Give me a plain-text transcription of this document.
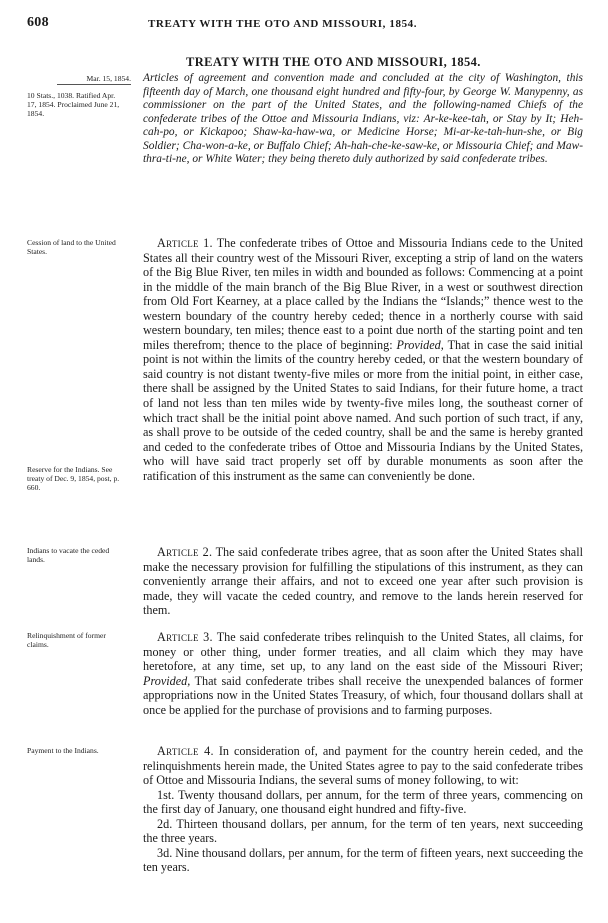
608	TREATY WITH THE OTO AND MISSOURI, 1854.
TREATY WITH THE OTO AND MISSOURI, 1854.
Mar. 15, 1854.
10 Stats., 1038. Ratified Apr. 17, 1854. Proclaimed June 21, 1854.
Cession of land to the United States.
Reserve for the Indians. See treaty of Dec. 9, 1854, post, p. 660.
Indians to vacate the ceded lands.
Relinquishment of former claims.
Payment to the Indians.
Articles of agreement and convention made and concluded at the city of Washington, this fifteenth day of March, one thousand eight hundred and fifty-four, by George W. Manypenny, as commissioner on the part of the United States, and the following-named Chiefs of the confederate tribes of the Ottoe and Missouria Indians, viz: Ar-ke-kee-tah, or Stay by It; Heh-cah-po, or Kickapoo; Shaw-ka-haw-wa, or Medicine Horse; Mi-ar-ke-tah-hun-she, or Big Soldier; Cha-won-a-ke, or Buffalo Chief; Ah-hah-che-ke-saw-ke, or Missouria Chief; and Maw-thra-ti-ne, or White Water; they being thereto duly authorized by said confederate tribes.

Article 1. The confederate tribes of Ottoe and Missouria Indians cede to the United States all their country west of the Missouri River, excepting a strip of land on the waters of the Big Blue River, ten miles in width and bounded as follows: Commencing at a point in the middle of the main branch of the Big Blue River, in a west or southwest direction from Old Fort Kearney, at a place called by the Indians the “Islands;” thence west to the western boundary of the country hereby ceded; thence in a northerly course with said western boundary, ten miles; thence east to a point due north of the starting point and ten miles therefrom; thence to the place of beginning: Provided, That in case the said initial point is not within the limits of the country hereby ceded, or that the western boundary of said country is not distant twenty-five miles or more from the initial point, in either case, there shall be assigned by the United States to said Indians, for their future home, a tract of land not less than ten miles wide by twenty-five miles long, the southeast corner of which tract shall be the initial point above named. And such portion of such tract, if any, as shall prove to be outside of the ceded country, shall be and the same is hereby granted and ceded to the confederate tribes of Ottoe and Missouria Indians by the United States, who will have said tract properly set off by durable monuments as soon after the ratification of this instrument as the same can conveniently be done.

Article 2. The said confederate tribes agree, that as soon after the United States shall make the necessary provision for fulfilling the stipulations of this instrument, as they can conveniently arrange their affairs, and not to exceed one year after such provision is made, they will vacate the ceded country, and remove to the lands herein reserved for them.

Article 3. The said confederate tribes relinquish to the United States, all claims, for money or other thing, under former treaties, and all claim which they may have heretofore, at any time, set up, to any land on the east side of the Missouri River; Provided, That said confederate tribes shall receive the unexpended balances of former appropriations now in the United States Treasury, of which, four thousand dollars shall at once be applied for the purchase of provisions and to farming purposes.

Article 4. In consideration of, and payment for the country herein ceded, and the relinquishments herein made, the United States agree to pay to the said confederate tribes of Ottoe and Missouria Indians, the several sums of money following, to wit:

1st. Twenty thousand dollars, per annum, for the term of three years, commencing on the first day of January, one thousand eight hundred and fifty-five.

2d. Thirteen thousand dollars, per annum, for the term of ten years, next succeeding the three years.

3d. Nine thousand dollars, per annum, for the term of fifteen years, next succeeding the ten years.
